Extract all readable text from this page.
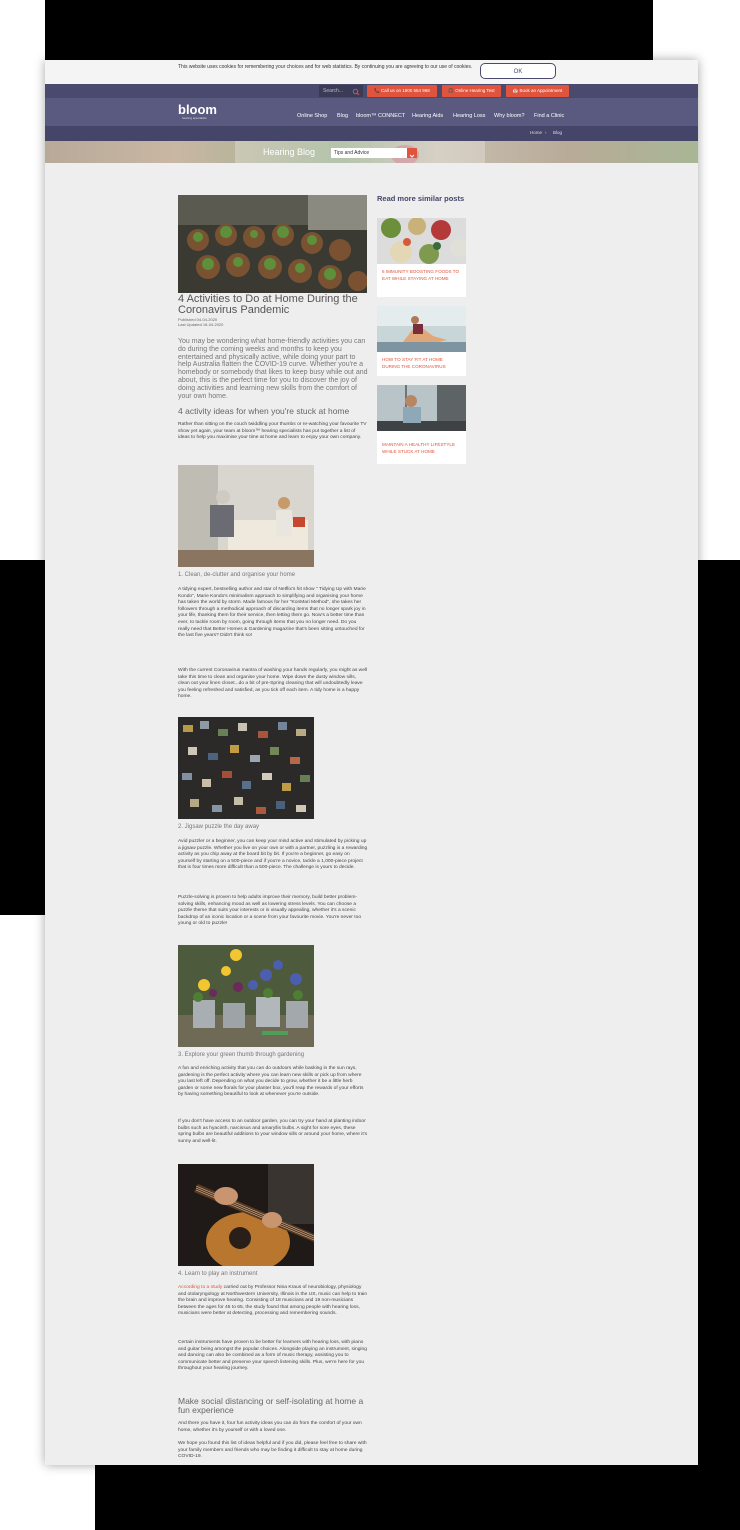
This website uses cookies for remembering your choices and for web statistics. By continuing you are agreeing to our use of cookies.
OK
Search...	📞 Call us on 1800 554 968	🎧 Online Hearing Test	📅 Book an Appointment
bloom
hearing specialists	Online Shop Blog bloom™ CONNECT Hearing Aids Hearing Loss Why bloom? Find a Clinic
Home › Blog
Hearing Blog	Tips and Advice
4 Activities to Do at Home During the Coronavirus Pandemic
Published 04-04-2020
Last Updated 18-04-2020
You may be wondering what home-friendly activities you can do during the coming weeks and months to keep you entertained and physically active, while doing your part to help Australia flatten the COVID-19 curve. Whether you're a homebody or somebody that likes to keep busy while out and about, this is the perfect time for you to discover the joy of doing activities and learning new skills from the comfort of your own home.
4 activity ideas for when you're stuck at home
Rather than sitting on the couch twiddling your thumbs or re-watching your favourite TV show yet again, your team at bloom™ hearing specialists has put together a list of ideas to help you maximise your time at home and learn to enjoy your own company.
1. Clean, de-clutter and organise your home
A tidying expert, bestselling author and star of Netflix's hit show " Tidying Up with Marie Kondo", Marie Kondo's minimalism approach to simplifying and organising your home has taken the world by storm. Made famous for her "KonMari Method", she takes her followers through a methodical approach of discarding items that no longer spark joy in your life, thanking them for their service, then letting them go. Now's a better time than ever, to tackle room by room, going through items that you no longer need. Do you really need that Better Homes & Gardening magazine that's been sitting untouched for the last five years? Didn't think so!
With the current Coronavirus mantra of washing your hands regularly, you might as well take this time to clean and organise your home. Wipe down the dusty window sills, clean out your linen closet...do a bit of pre-Spring cleaning that will undoubtedly leave you feeling refreshed and satisfied, as you tick off each item. A tidy home is a happy home.
2. Jigsaw puzzle the day away
Avid puzzler or a beginner, you can keep your mind active and stimulated by picking up a jigsaw puzzle. Whether you live on your own or with a partner, puzzling is a rewarding activity as you chip away at the board bit by bit. If you're a beginner, go easy on yourself by starting on a 500-piece and if you're a novice, tackle a 1,000-piece project that is four times more difficult than a 500-piece. The challenge is yours to decide.
Puzzle-solving is proven to help adults improve their memory, build better problem-solving skills, enhancing mood as well as lowering stress levels. You can choose a puzzle theme that suits your interests or is visually appealing, whether it's a scenic backdrop of an iconic location or a scene from your favourite movie. You're never too young or old to puzzle!
3. Explore your green thumb through gardening
A fun and enriching activity that you can do outdoors while basking in the sun rays, gardening is the perfect activity where you can learn new skills or pick up from where you last left off. Depending on what you decide to grow, whether it be a little herb garden or some new florals for your planter box, you'll reap the rewards of your efforts by having something beautiful to look at whenever you're outside.
If you don't have access to an outdoor garden, you can try your hand at planting indoor bulbs such as hyacinth, narcissus and amaryllis bulbs. A sight for sore eyes, these spring bulbs are beautiful additions to your window sills or around your home, where it's sunny and well-lit.
4. Learn to play an instrument
According to a study carried out by Professor Nina Kraus of neurobiology, physiology and otolaryngology at Northwestern University, Illinois in the US, music can help to train the brain and improve hearing. Consisting of 18 musicians and 19 non-musicians between the ages for 45 to 65, the study found that among people with hearing loss, musicians were better at detecting, processing and remembering sounds.
Certain instruments have proven to be better for learners with hearing loss, with piano and guitar being amongst the popular choices. Alongside playing an instrument, singing and dancing can also be combined as a form of music therapy, assisting you to communicate better and preserve your speech listening skills. Plus, we're here for you throughout your hearing journey.
Make social distancing or self-isolating at home a fun experience
And there you have it, four fun activity ideas you can do from the comfort of your own home, whether it's by yourself or with a loved one.
We hope you found this list of ideas helpful and if you did, please feel free to share with your family members and friends who may be finding it difficult to stay at home during COVID-19.
Read more similar posts
6 IMMUNITY BOOSTING FOODS TO EAT WHILE STAYING AT HOME
HOW TO STAY FIT AT HOME DURING THE CORONAVIRUS
MAINTAIN A HEALTHY LIFESTYLE WHILE STUCK AT HOME
